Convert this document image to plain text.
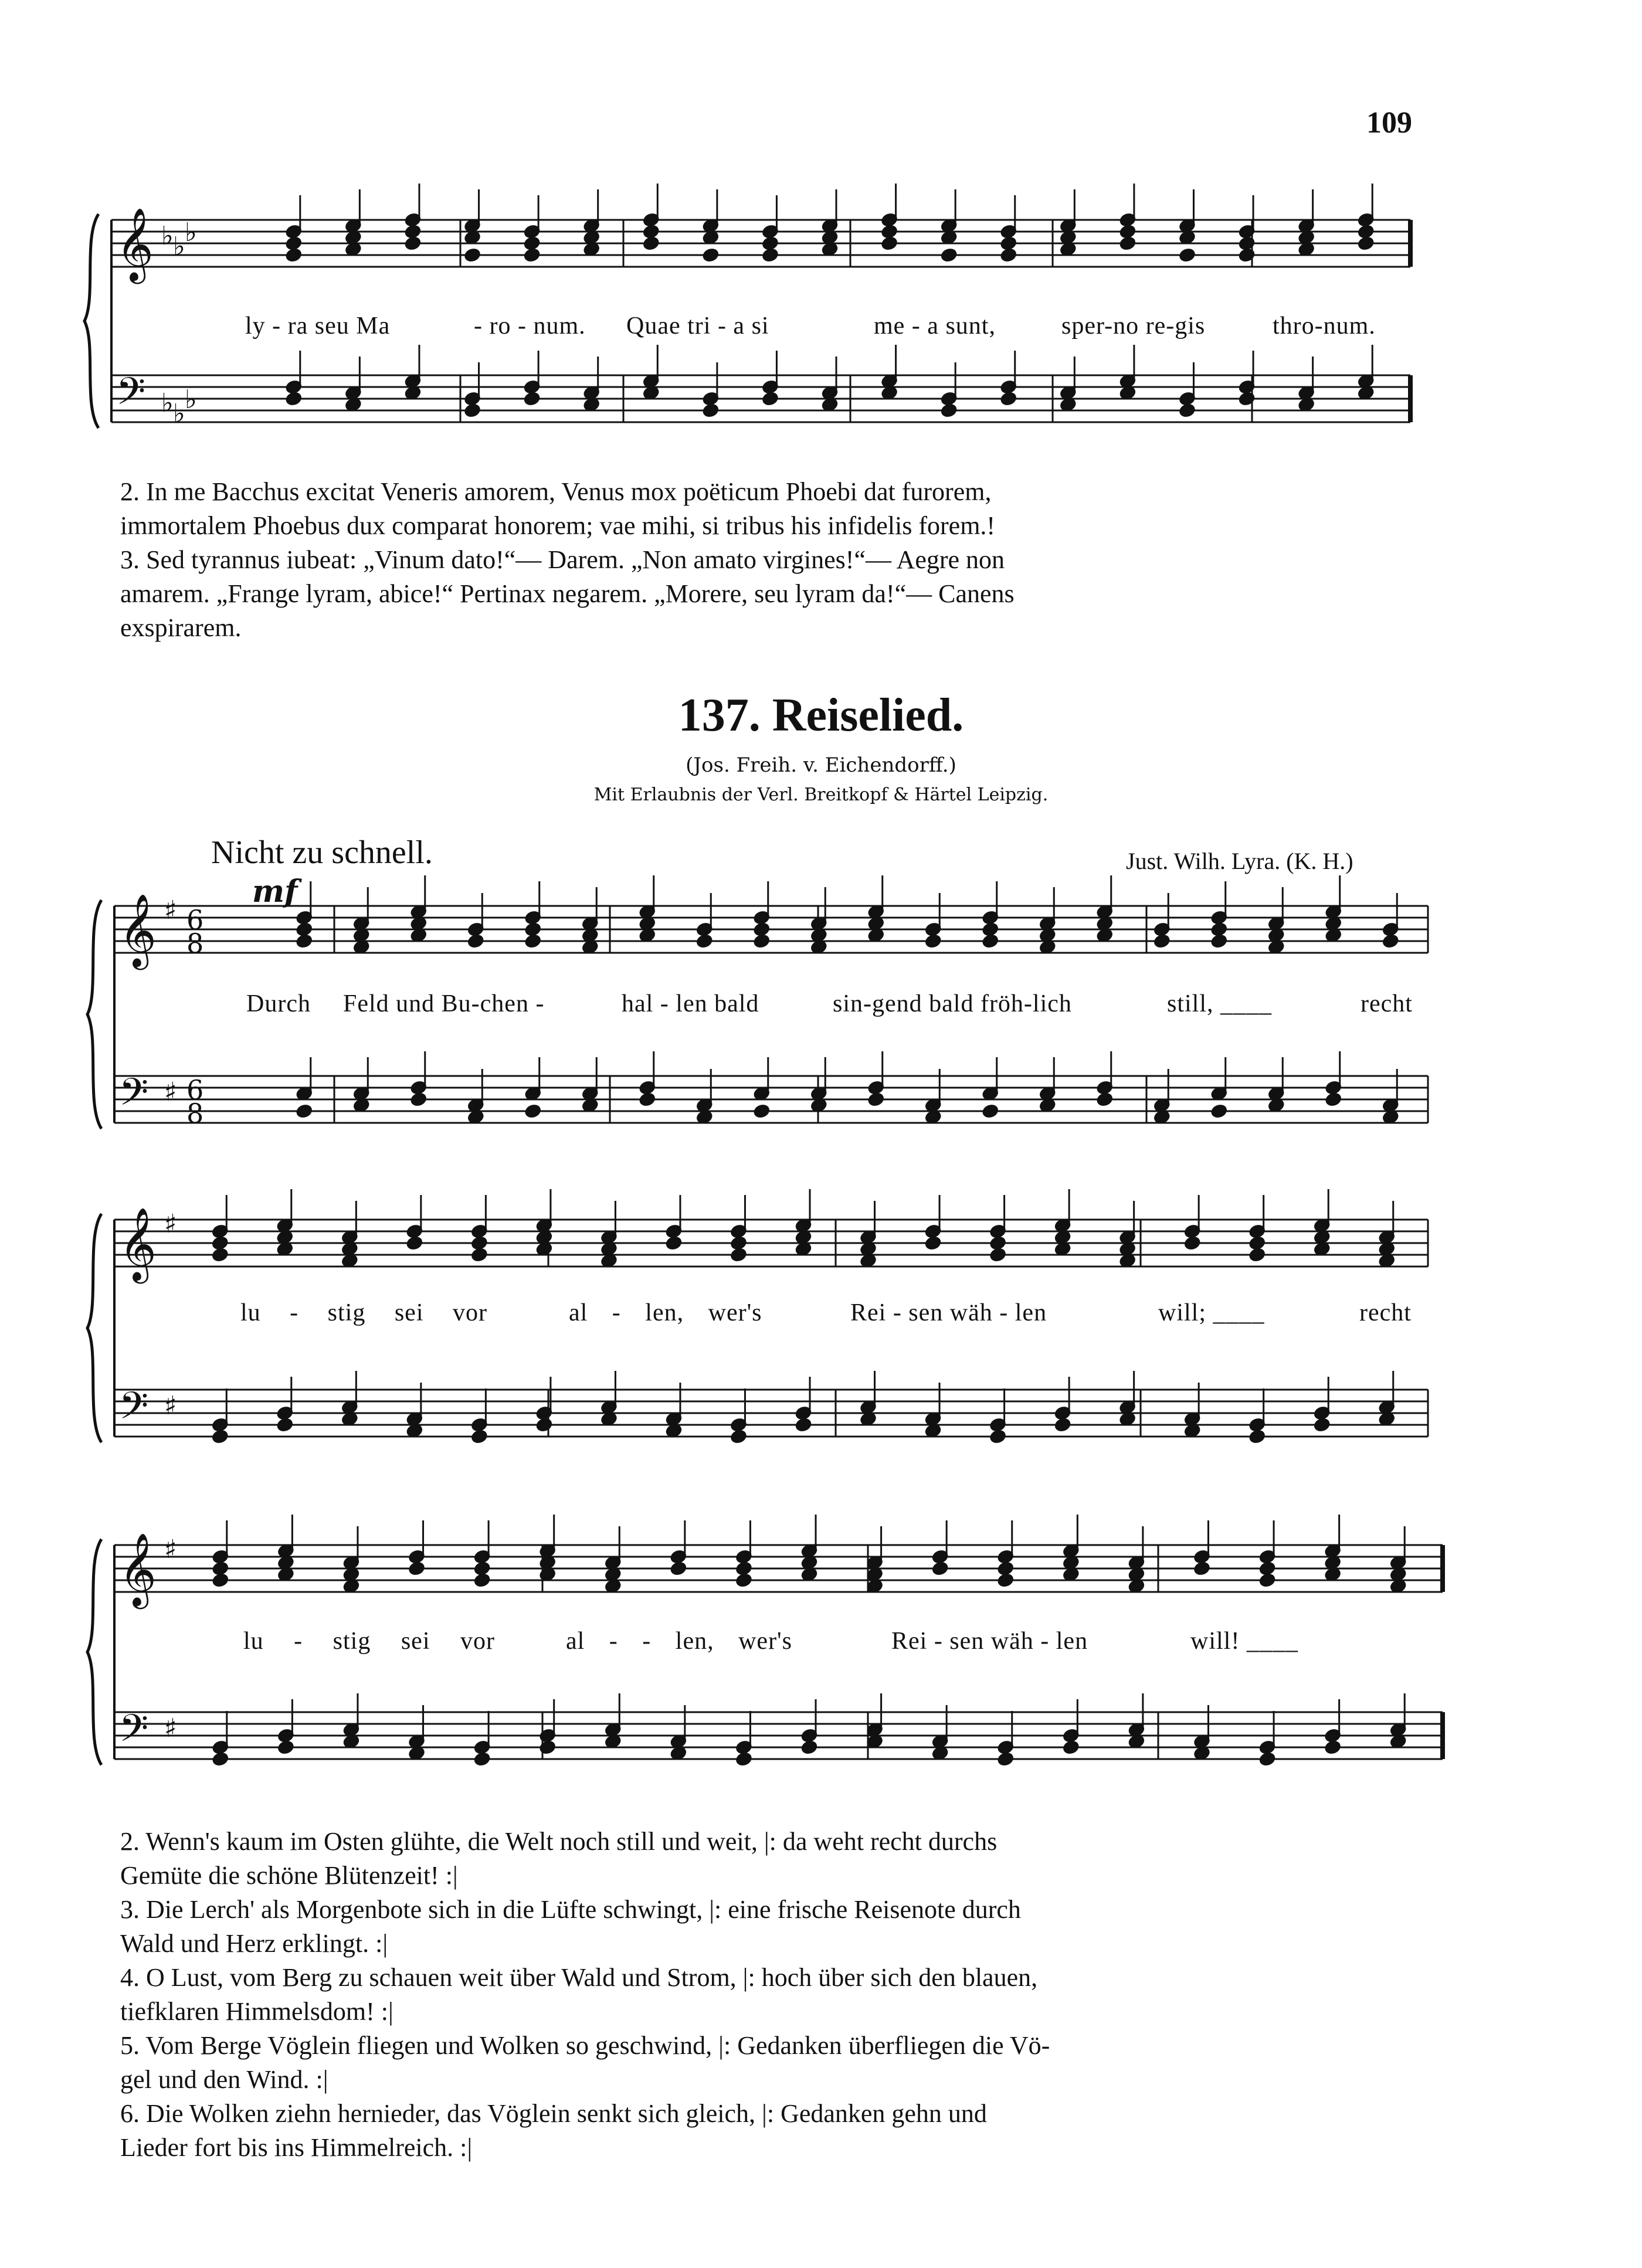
109
𝄞
𝄢
♭ ♭ ♭
♭ ♭ ♭
𝄞
𝄢
♯
♯
6
8
6
8
𝄞
𝄢
♯
♯
𝄞
𝄢
♯
♯
ly - ra seu Ma	- ro - num. Quae tri - a si	me - a sunt,	sper-no re-gis	thro-num.
2. In me Bacchus excitat Veneris amorem, Venus mox poëticum Phoebi dat furorem,
immortalem Phoebus dux comparat honorem; vae mihi, si tribus his infidelis forem.!
3. Sed tyrannus iubeat: „Vinum dato!“— Darem. „Non amato virgines!“— Aegre non
amarem. „Frange lyram, abice!“ Pertinax negarem. „Morere, seu lyram da!“— Canens
exspirarem.
137. Reiselied.
(Jos. Freih. v. Eichendorff.)
Mit Erlaubnis der Verl. Breitkopf & Härtel Leipzig.
Nicht zu schnell.	Just. Wilh. Lyra. (K. H.)
mf
Durch Feld und Bu-chen -	hal - len bald	sin-gend bald fröh-lich	still, ____	recht
lu - stig sei vor	al - len, wer's	Rei - sen wäh - len	will; ____	recht
lu - stig sei vor	al - - len, wer's	Rei - sen wäh - len	will! ____
2. Wenn's kaum im Osten glühte, die Welt noch still und weit, |: da weht recht durchs
Gemüte die schöne Blütenzeit! :|
3. Die Lerch' als Morgenbote sich in die Lüfte schwingt, |: eine frische Reisenote durch
Wald und Herz erklingt. :|
4. O Lust, vom Berg zu schauen weit über Wald und Strom, |: hoch über sich den blauen,
tiefklaren Himmelsdom! :|
5. Vom Berge Vöglein fliegen und Wolken so geschwind, |: Gedanken überfliegen die Vö-
gel und den Wind. :|
6. Die Wolken ziehn hernieder, das Vöglein senkt sich gleich, |: Gedanken gehn und
Lieder fort bis ins Himmelreich. :|
